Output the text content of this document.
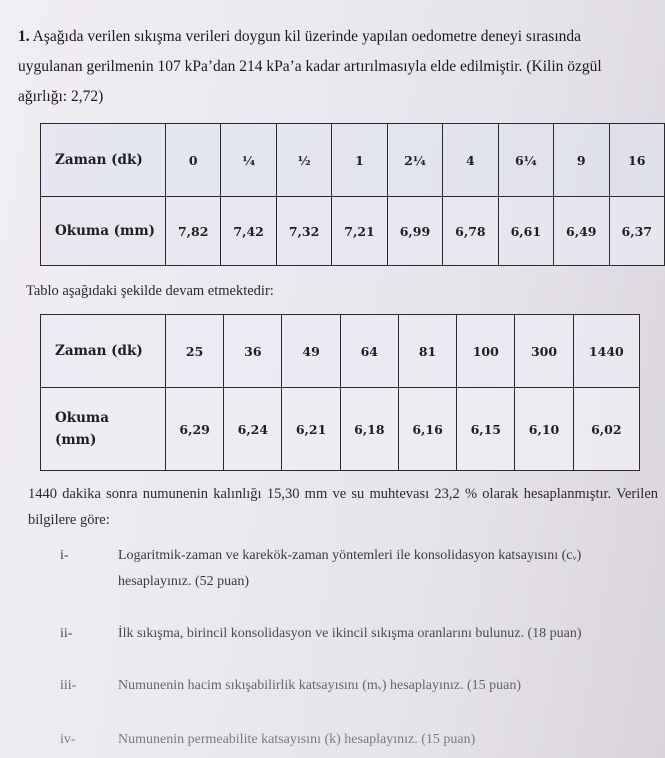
1. Aşağıda verilen sıkışma verileri doygun kil üzerinde yapılan oedometre deneyi sırasında
uygulanan gerilmenin 107 kPa’dan 214 kPa’a kadar artırılmasıyla elde edilmiştir. (Kilin özgül
ağırlığı: 2,72)
Zaman (dk)	0	¼	½	1	2¼	4	6¼	9	16
Okuma (mm)	7,82	7,42	7,32	7,21	6,99	6,78	6,61	6,49	6,37
Tablo aşağıdaki şekilde devam etmektedir:
Zaman (dk)	25	36	49	64	81	100	300	1440

Okuma
(mm)	6,29	6,24	6,21	6,18	6,16	6,15	6,10	6,02
1440 dakika sonra numunenin kalınlığı 15,30 mm ve su muhtevası 23,2 % olarak hesaplanmıştır. Verilen bilgilere göre:
i-	Logaritmik-zaman ve karekök-zaman yöntemleri ile konsolidasyon katsayısını (cᵥ)
hesaplayınız. (52 puan)
ii-	İlk sıkışma, birincil konsolidasyon ve ikincil sıkışma oranlarını bulunuz. (18 puan)
iii-	Numunenin hacim sıkışabilirlik katsayısını (mᵥ) hesaplayınız. (15 puan)
iv-	Numunenin permeabilite katsayısını (k) hesaplayınız. (15 puan)
